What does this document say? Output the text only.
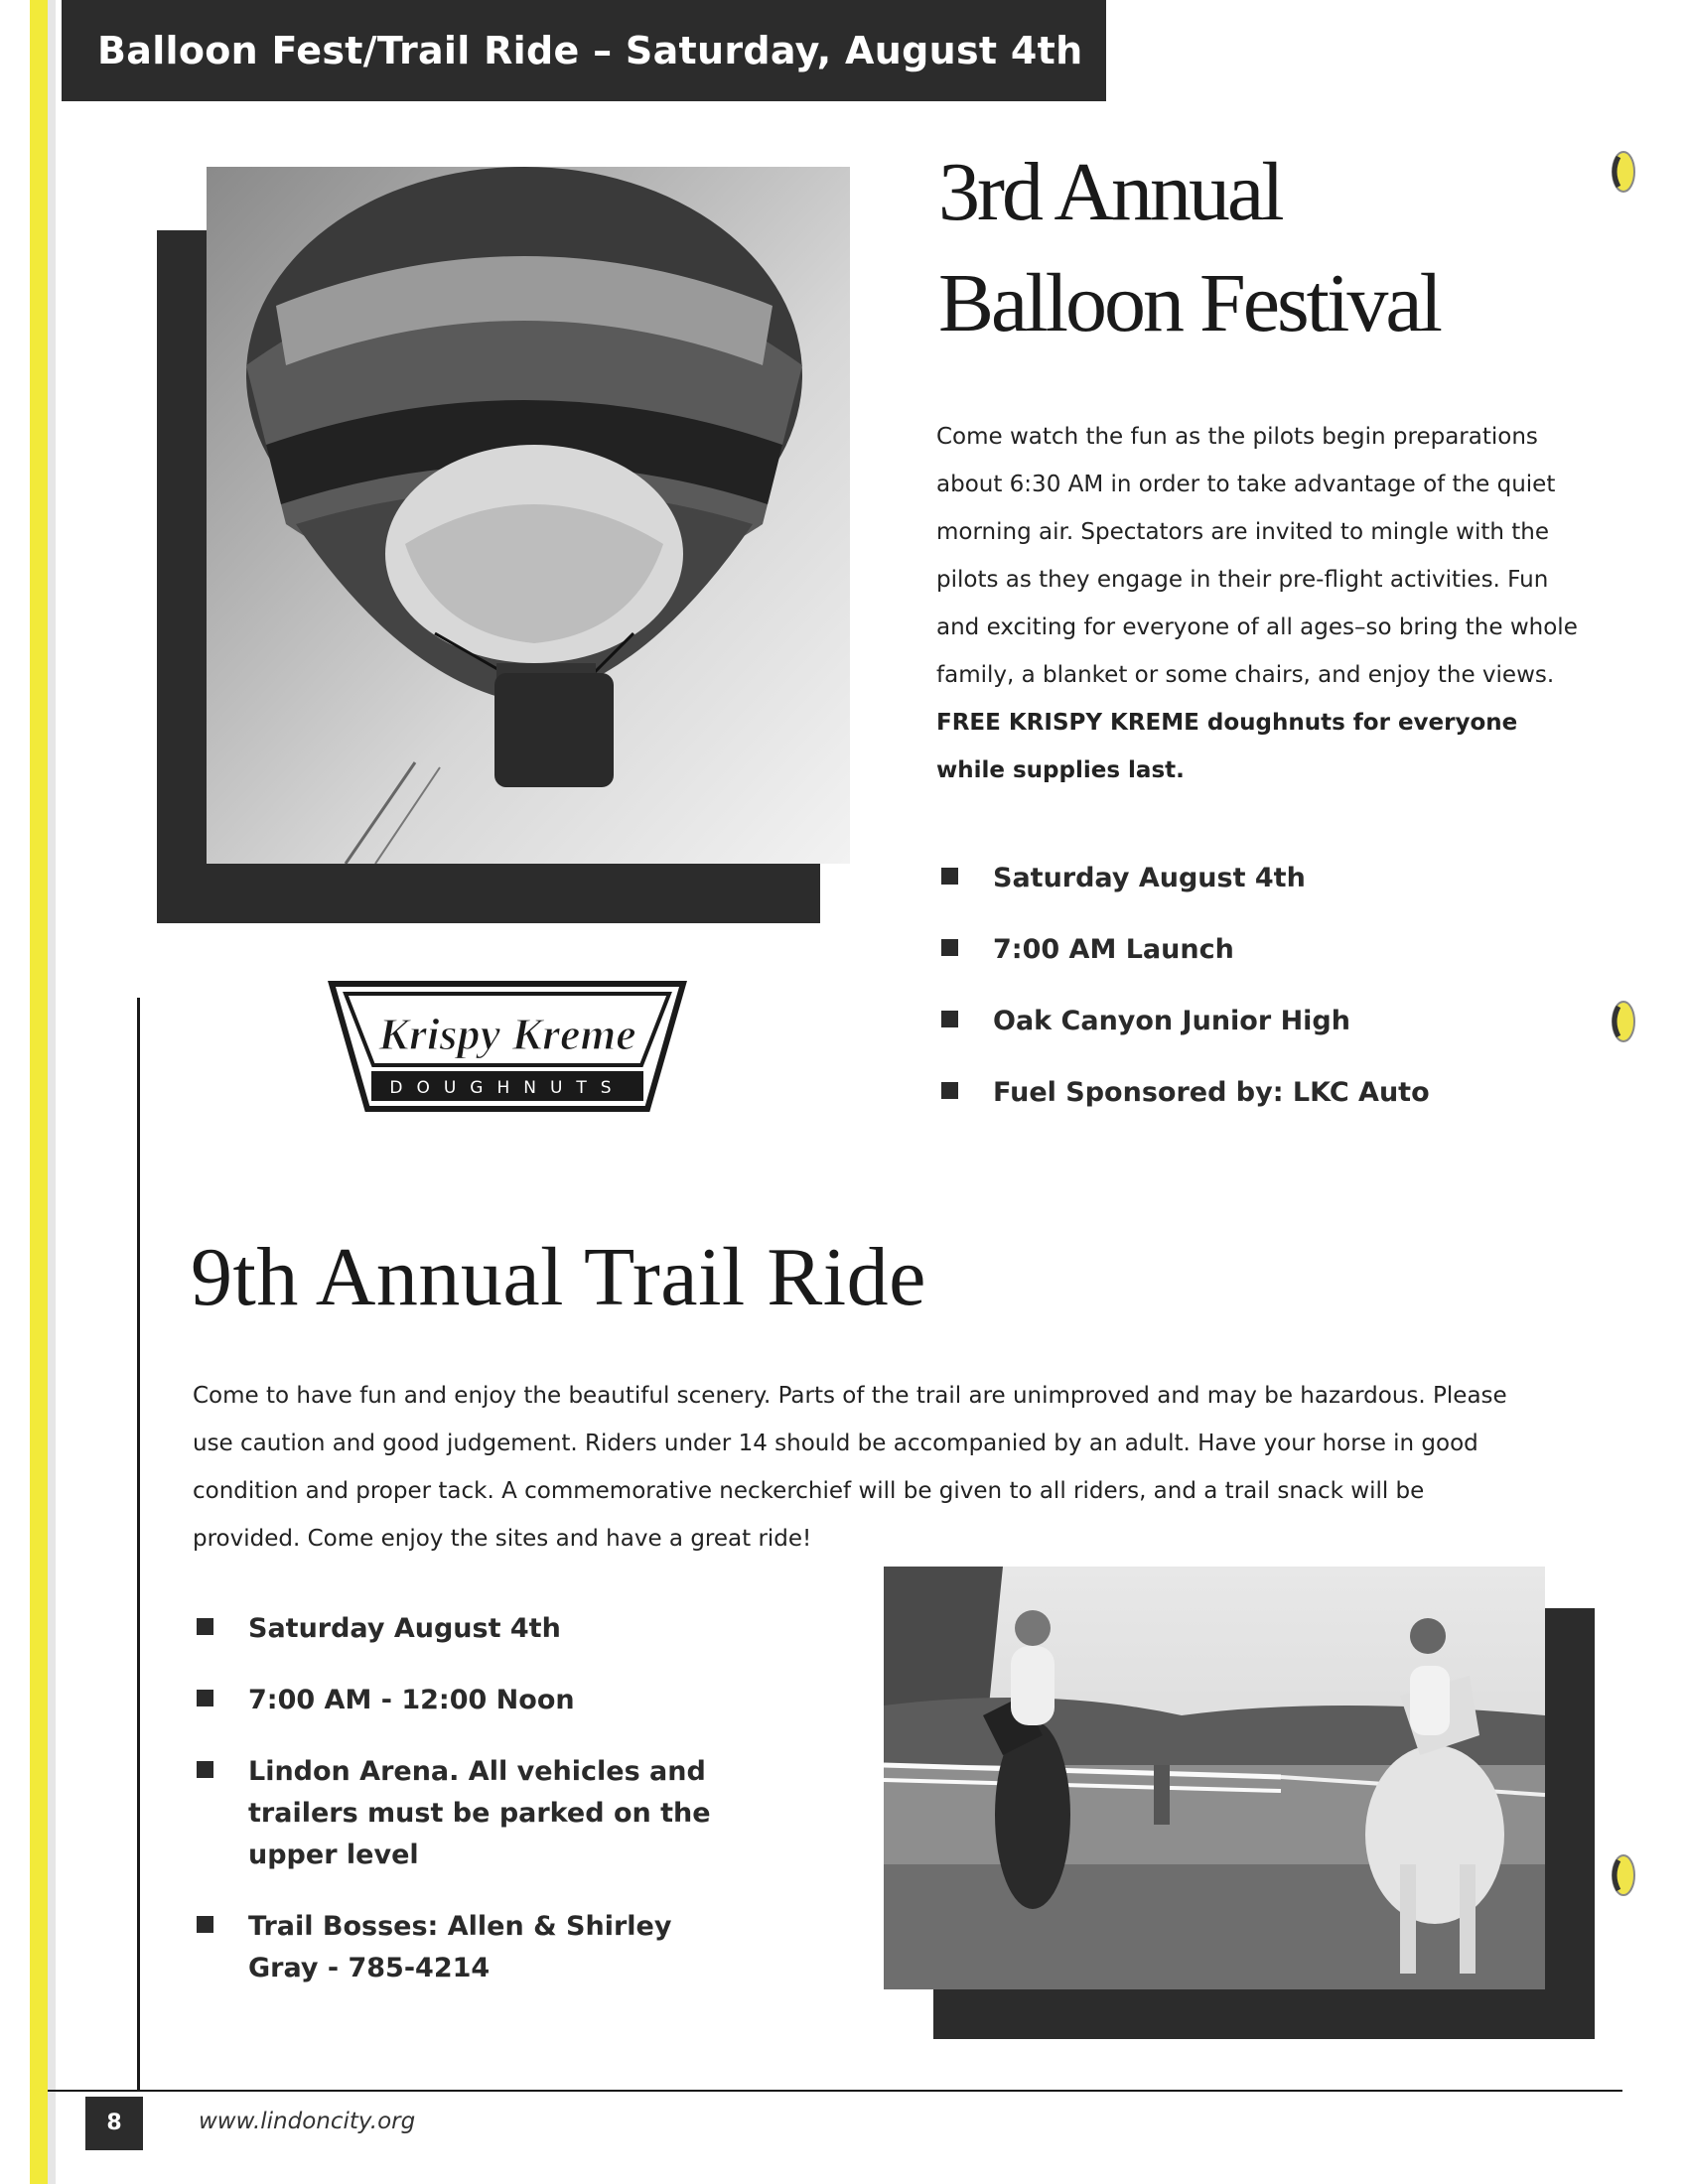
Balloon Fest/Trail Ride – Saturday, August 4th
3rd Annual
Balloon Festival

Come watch the fun as the pilots begin preparations about 6:30 AM in order to take advantage of the quiet morning air. Spectators are invited to mingle with the pilots as they engage in their pre-flight activities. Fun and exciting for everyone of all ages–so bring the whole family, a blanket or some chairs, and enjoy the views. FREE KRISPY KREME doughnuts for everyone while supplies last.

Saturday August 4th
7:00 AM Launch
Oak Canyon Junior High
Fuel Sponsored by: LKC Auto
Krispy Kreme
DOUGHNUTS
9th Annual Trail Ride

Come to have fun and enjoy the beautiful scenery. Parts of the trail are unimproved and may be hazardous. Please use caution and good judgement. Riders under 14 should be accompanied by an adult. Have your horse in good condition and proper tack. A commemorative neckerchief will be given to all riders, and a trail snack will be provided. Come enjoy the sites and have a great ride!

Saturday August 4th
7:00 AM - 12:00 Noon
Lindon Arena. All vehicles and trailers must be parked on the upper level
Trail Bosses: Allen & Shirley Gray - 785-4214
8	www.lindoncity.org
